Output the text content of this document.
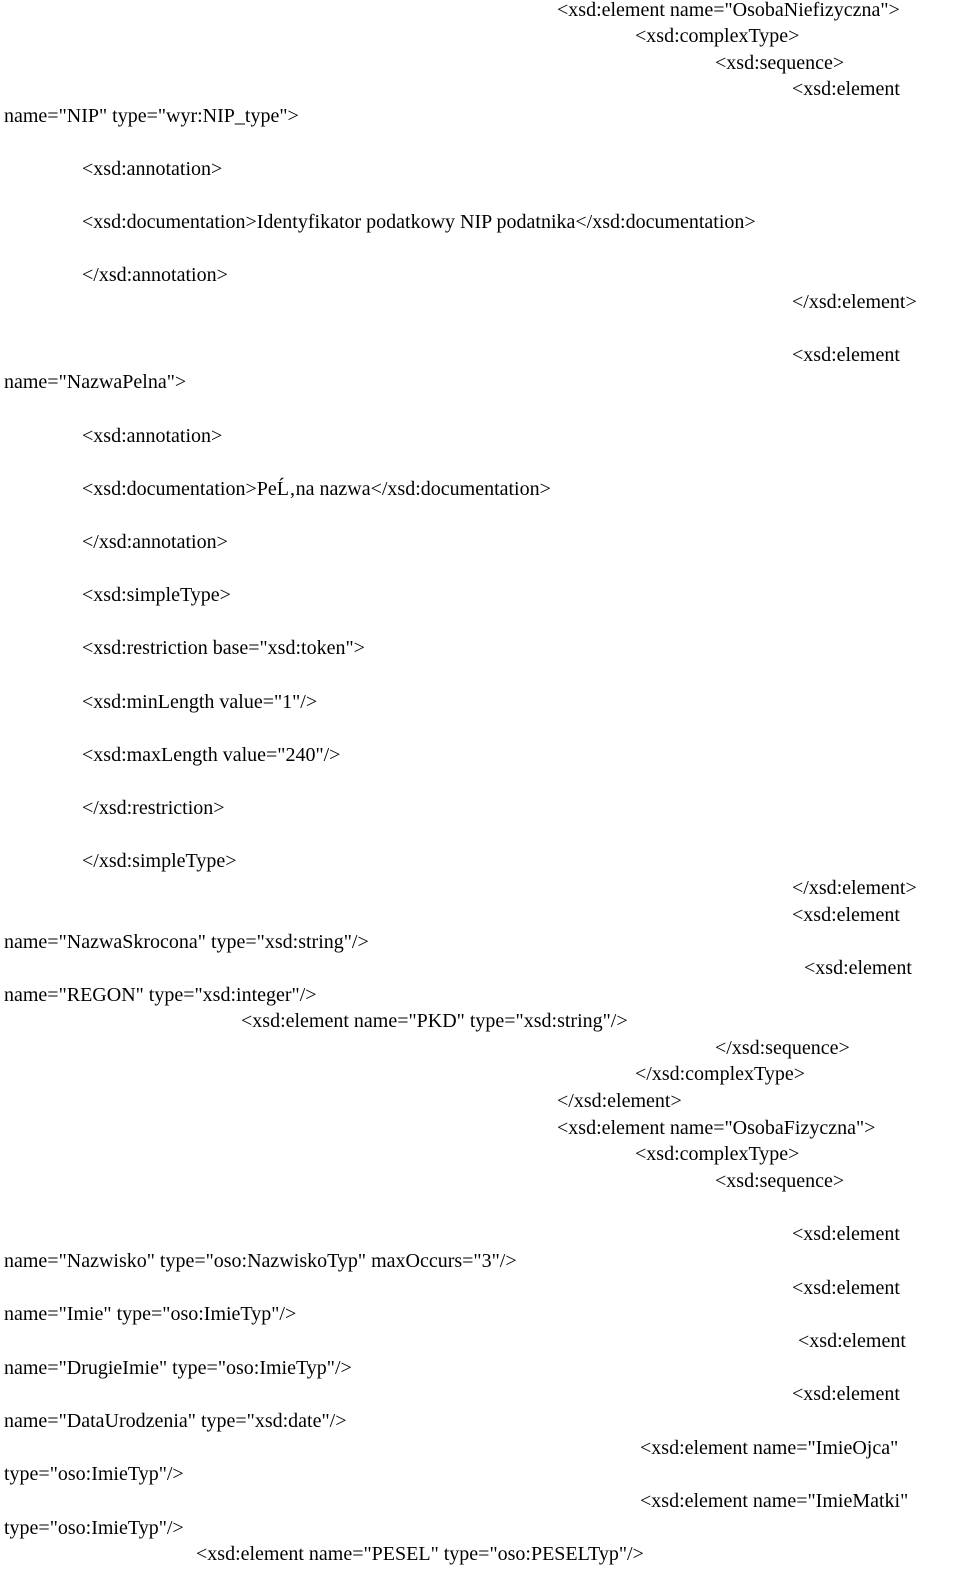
<xsd:element name="OsobaNiefizyczna">

<xsd:complexType>

<xsd:sequence>

<xsd:element

name="NIP" type="wyr:NIP_type">

<xsd:annotation>

<xsd:documentation>Identyfikator podatkowy NIP podatnika</xsd:documentation>

</xsd:annotation>

</xsd:element>

<xsd:element

name="NazwaPelna">

<xsd:annotation>

<xsd:documentation>PeĹ‚na nazwa</xsd:documentation>

</xsd:annotation>

<xsd:simpleType>

<xsd:restriction base="xsd:token">

<xsd:minLength value="1"/>

<xsd:maxLength value="240"/>

</xsd:restriction>

</xsd:simpleType>

</xsd:element>

<xsd:element

name="NazwaSkrocona" type="xsd:string"/>

<xsd:element

name="REGON" type="xsd:integer"/>

<xsd:element name="PKD" type="xsd:string"/>

</xsd:sequence>

</xsd:complexType>

</xsd:element>

<xsd:element name="OsobaFizyczna">

<xsd:complexType>

<xsd:sequence>

<xsd:element

name="Nazwisko" type="oso:NazwiskoTyp" maxOccurs="3"/>

<xsd:element

name="Imie" type="oso:ImieTyp"/>

<xsd:element

name="DrugieImie" type="oso:ImieTyp"/>

<xsd:element

name="DataUrodzenia" type="xsd:date"/>

<xsd:element name="ImieOjca"

type="oso:ImieTyp"/>

<xsd:element name="ImieMatki"

type="oso:ImieTyp"/>

<xsd:element name="PESEL" type="oso:PESELTyp"/>
